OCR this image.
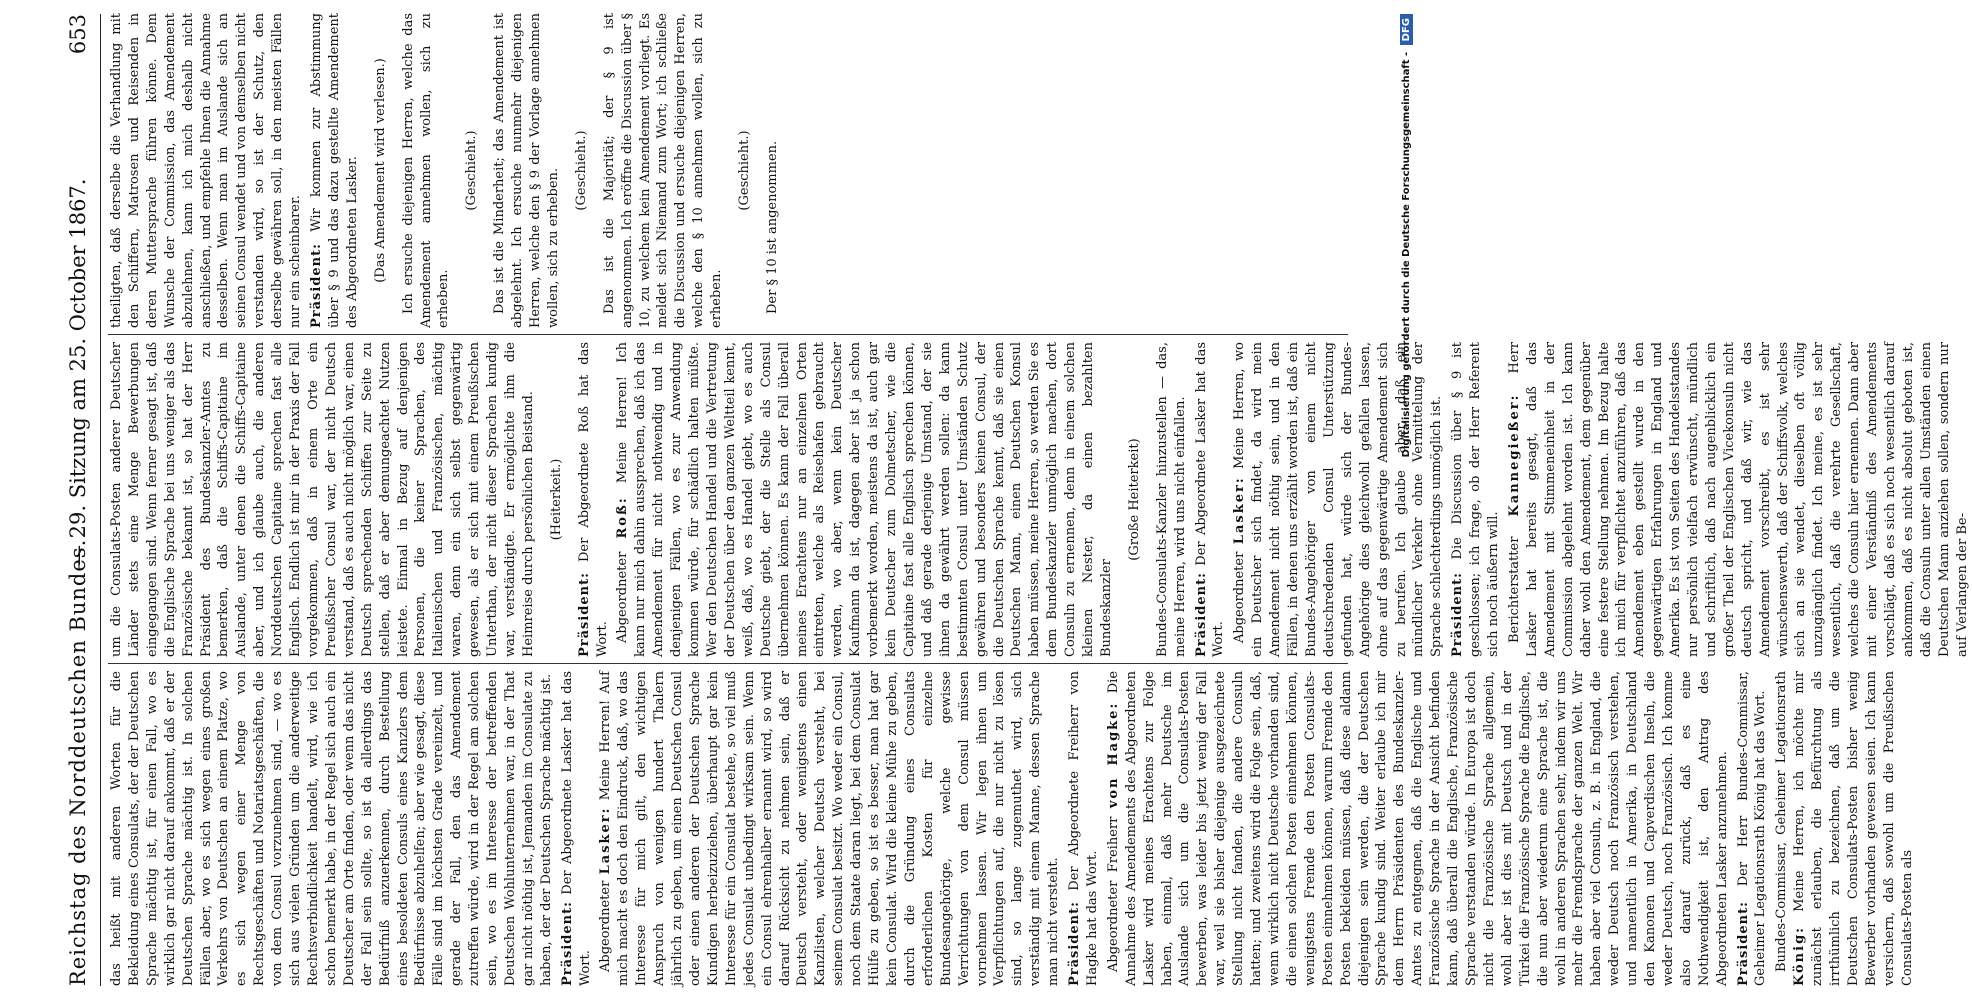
Reichstag des Norddeutschen Bundes.
— 29. Sitzung am 25. October 1867.
653

das heißt mit anderen Worten für die Bekleidung eines Consulats, der der Deutschen Sprache mächtig ist, für einen Fall, wo es wirklich gar nicht darauf ankommt, daß er der Deutschen Sprache mächtig ist. In solchen Fällen aber, wo es sich wegen eines großen Verkehrs von Deutschen an einem Platze, wo es sich wegen einer Menge von Rechtsgeschäften und Notariatsgeschäften, die von dem Consul vorzunehmen sind, — wo es sich aus vielen Gründen um die anderweitige Rechtsverbindlichkeit handelt, wird, wie ich schon bemerkt habe, in der Regel sich auch ein Deutscher am Orte finden, oder wenn das nicht der Fall sein sollte, so ist da allerdings das Bedürfniß anzuerkennen, durch Bestellung eines besoldeten Consuls eines Kanzlers dem Bedürfnisse abzuhelfen; aber wie gesagt, diese Fälle sind im höchsten Grade vereinzelt, und gerade der Fall, den das Amendement zutreffen würde, wird in der Regel am solchen sein, wo es im Interesse der betreffenden Deutschen Wohlunternehmen war, in der That gar nicht nöthig ist, Jemanden im Consulate zu haben, der der Deutschen Sprache mächtig ist. Präsident: Der Abgeordnete Lasker hat das Wort. Abgeordneter Lasker: Meine Herren! Auf mich macht es doch den Eindruck, daß, wo das Interesse für mich gilt, den wichtigen Anspruch von wenigen hundert Thalern jährlich zu geben, um einen Deutschen Consul oder einen anderen der Deutschen Sprache Kundigen herbeizuziehen, überhaupt gar kein Interesse für ein Consulat bestehe, so viel muß jedes Consulat unbedingt wirksam sein. Wenn ein Consul ehrenhalber ernannt wird, so wird darauf Rücksicht zu nehmen sein, daß er Deutsch versteht, oder wenigstens einen Kanzlisten, welcher Deutsch versteht, bei seinem Consulat besitzt. Wo weder ein Consul, noch dem Staate daran liegt, bei dem Consulat Hülfe zu geben, so ist es besser, man hat gar kein Consulat. Wird die kleine Mühe zu geben, durch die Gründung eines Consulats erforderlichen Kosten für einzelne Bundesangehörige, welche gewisse Verrichtungen von dem Consul müssen vornehmen lassen. Wir legen ihnen um Verpflichtungen auf, die nur nicht zu lösen sind, so lange zugemuthet wird, sich verständig mit einem Manne, dessen Sprache man nicht versteht. Präsident: Der Abgeordnete Freiherr von Hagke hat das Wort. Abgeordneter Freiherr von Hagke: Die Annahme des Amendements des Abgeordneten Lasker wird meines Erachtens zur Folge haben, einmal, daß mehr Deutsche im Auslande sich um die Consulats-Posten bewerben, was leider bis jetzt wenig der Fall war, weil sie bisher diejenige ausgezeichnete Stellung nicht fanden, die andere Consuln hatten; und zweitens wird die Folge sein, daß, wenn wirklich nicht Deutsche vorhanden sind, die einen solchen Posten einnehmen können, wenigstens Fremde den Posten Consulats-Posten einnehmen können, warum Fremde den Posten bekleiden müssen, daß diese aldann diejenigen sein werden, die der Deutschen Sprache kundig sind. Weiter erlaube ich mir dem Herrn Präsidenten des Bundeskanzler-Amtes zu entgegnen, daß die Englische und Französische Sprache in der Ansicht befinden kann, daß überall die Englische, Französische Sprache verstanden würde. In Europa ist doch nicht die Französische Sprache allgemein, wohl aber ist dies mit Deutsch und in der Türkei die Französische Sprache die Englische, die nun aber wiederum eine Sprache ist, die wohl in anderen Sprachen sehr, indem wir uns mehr die Fremdsprache der ganzen Welt. Wir haben aber viel Consuln, z. B. in England, die weder Deutsch noch Französisch verstehen, und namentlich in Amerika, in Deutschland den Kanonen und Capverdischen Inseln, die weder Deutsch, noch Französisch. Ich komme also darauf zurück, daß es eine Nothwendigkeit ist, den Antrag des Abgeordneten Lasker anzunehmen. Präsident: Der Herr Bundes-Commissar, Geheimer Legationsrath König hat das Wort. Bundes-Commissar, Geheimer Legationsrath König: Meine Herren, ich möchte mir zunächst erlauben, die Befürchtung als irrthümlich zu bezeichnen, daß um die Deutschen Consulats-Posten bisher wenig Bewerber vorhanden gewesen seien. Ich kann versichern, daß sowohl um die Preußischen Consulats-Posten als

um die Consulats-Posten anderer Deutscher Länder stets eine Menge Bewerbungen eingegangen sind. Wenn ferner gesagt ist, daß die Englische Sprache bei uns weniger als das Französische bekannt ist, so hat der Herr Präsident des Bundeskanzler-Amtes zu bemerken, daß die Schiffs-Capitaine im Auslande, unter denen die Schiffs-Capitaine aber, und ich glaube auch, die anderen Norddeutschen Capitaine sprechen fast alle Englisch. Endlich ist mir in der Praxis der Fall vorgekommen, daß in einem Orte ein Preußischer Consul war, der nicht Deutsch verstand, daß es auch nicht möglich war, einen Deutsch sprechenden Schiffen zur Seite zu stellen, daß er aber demungeachtet Nutzen leistete. Einmal in Bezug auf denjenigen Personen, die keiner Sprachen, des Italienischen und Französischen, mächtig waren, denn ein sich selbst gegenwärtig gewesen, als er sich mit einem Preußischen Unterthan, der nicht dieser Sprachen kundig war, verständigte. Er ermöglichte ihm die Heimreise durch persönlichen Beistand. (Heiterkeit.)

Präsident: Der Abgeordnete Roß hat das Wort. Abgeordneter Roß: Meine Herren! Ich kann nur mich dahin aussprechen, daß ich das Amendement für nicht nothwendig und in denjenigen Fällen, wo es zur Anwendung kommen würde, für schädlich halten müßte. Wer den Deutschen Handel und die Vertretung der Deutschen über den ganzen Weltteil kennt, weiß, daß, wo es Handel giebt, wo es auch Deutsche giebt, der die Stelle als Consul übernehmen können. Es kann der Fall überall meines Erachtens nur an einzelnen Orten eintreten, welche als Reisehafen gebraucht werden, wo aber, wenn kein Deutscher Kaufmann da ist, dagegen aber ist ja schon vorbemerkt worden, meistens da ist, auch gar kein Deutscher zum Dolmetscher, wie die Capitaine fast alle Englisch sprechen können, und daß gerade derjenige Umstand, der sie ihnen da gewährt werden sollen: da kann bestimmten Consul unter Umständen Schutz gewähren und besonders keinen Consul, der die Deutschen Sprache kennt, daß sie einen Deutschen Mann, einen Deutschen Konsul haben müssen, meine Herren, so werden Sie es dem Bundeskanzler unmöglich machen, dort Consuln zu ernennen, denn in einem solchen kleinen Nester, da einen bezahlten Bundeskanzler

(Große Heiterkeit) Bundes-Consulats-Kanzler hinzustellen — das, meine Herren, wird uns nicht einfallen. Präsident: Der Abgeordnete Lasker hat das Wort. Abgeordneter Lasker: Meine Herren, wo ein Deutscher sich findet, da wird mein Amendement nicht nöthig sein, und in den Fällen, in denen uns erzählt worden ist, daß ein Bundes-Angehöriger von einem nicht deutschredenden Consul Unterstützung gefunden hat, würde sich der Bundes-Angehörige dies gleichwohl gefallen lassen, ohne auf das gegenwärtige Amendement sich zu berufen. Ich glaube aber, daß ein mündlicher Verkehr ohne Vermittelung der Sprache schlechterdings unmöglich ist. Präsident: Die Discussion über § 9 ist geschlossen; ich frage, ob der Herr Referent sich noch äußern will. Berichterstatter Kannegießer: Herr Lasker hat bereits gesagt, daß das Amendement mit Stimmeneinheit in der Commission abgelehnt worden ist. Ich kann daher wohl den Amendement, dem gegenüber eine festere Stellung nehmen. Im Bezug halte ich mich für verpflichtet anzuführen, daß das Amendement eben gestellt wurde in den gegenwärtigen Erfahrungen in England und Amerika. Es ist von Seiten des Handelsstandes nur persönlich vielfach erwünscht, mündlich und schriftlich, daß nach augenblicklich ein großer Theil der Englischen Vicekonsuln nicht deutsch spricht, und daß wir, wie das Amendement vorschreibt, es ist sehr wünschenswerth, daß der Schiffsvolk, welches sich an sie wendet, dieselben oft völlig unzugänglich findet. Ich meine, es ist sehr wesentlich, daß die verehrte Gesellschaft, welches die Consuln hier ernennen. Dann aber mit einer Verständniß des Amendements vorschlägt, daß es sich noch wesentlich darauf ankommen, daß es nicht absolut geboten ist, daß die Consuln unter allen Umständen einen Deutschen Mann anziehen sollen, sondern nur auf Verlangen der Be-

theiligten, daß derselbe die Verhandlung mit den Schiffern, Matrosen und Reisenden in deren Muttersprache führen könne. Dem Wunsche der Commission, das Amendement abzulehnen, kann ich mich deshalb nicht anschließen, und empfehle Ihnen die Annahme desselben. Wenn man im Auslande sich an seinen Consul wendet und von demselben nicht verstanden wird, so ist der Schutz, den derselbe gewähren soll, in den meisten Fällen nur ein scheinbarer. Präsident: Wir kommen zur Abstimmung über § 9 und das dazu gestellte Amendement des Abgeordneten Lasker. (Das Amendement wird verlesen.) Ich ersuche diejenigen Herren, welche das Amendement annehmen wollen, sich zu erheben.

(Geschieht.) Das ist die Minderheit; das Amendement ist abgelehnt. Ich ersuche nunmehr diejenigen Herren, welche den § 9 der Vorlage annehmen wollen, sich zu erheben. (Geschieht.) Das ist die Majorität; der § 9 ist angenommen. Ich eröffne die Discussion über § 10, zu welchem kein Amendement vorliegt. Es meldet sich Niemand zum Wort; ich schließe die Discussion und ersuche diejenigen Herren, welche den § 10 annehmen wollen, sich zu erheben.

(Geschieht.) Der § 10 ist angenommen.	Digitalisierung gefördert durch die Deutsche Forschungsgemeinschaft - DFG
